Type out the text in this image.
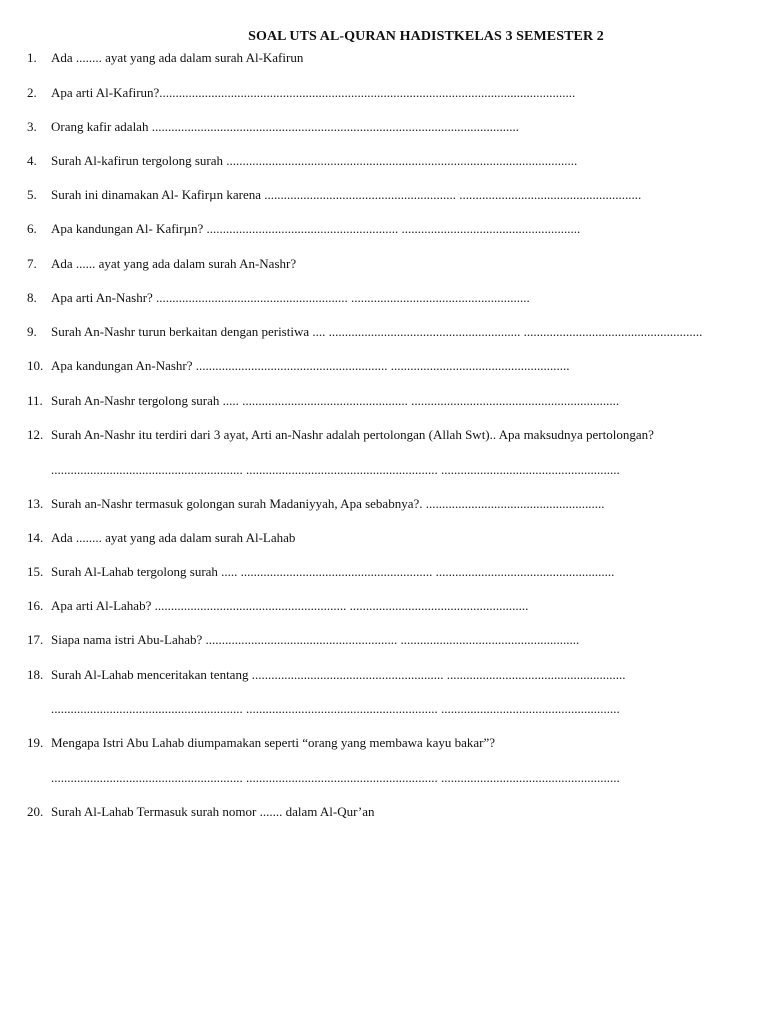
SOAL UTS AL-QURAN HADISTKELAS 3 SEMESTER 2
1.	Ada ........ ayat yang ada dalam surah Al-Kafirun
2.	Apa arti Al-Kafirun?................................................................................................................................
3.	Orang kafir adalah .................................................................................................................
4.	Surah Al-kafirun tergolong surah ............................................................................................................
5.	Surah ini dinamakan Al- Kafirµn karena ........................................................... ........................................................
6.	Apa kandungan Al- Kafirµn? ........................................................... .......................................................
7.	Ada ...... ayat yang ada dalam surah An-Nashr?
8.	Apa arti An-Nashr? ........................................................... .......................................................
9.	Surah An-Nashr turun berkaitan dengan peristiwa .... ........................................................... .......................................................
10. Apa kandungan An-Nashr? ........................................................... .......................................................
11. Surah An-Nashr tergolong surah ..... ................................................... ................................................................
12. Surah An-Nashr itu terdiri dari 3 ayat, Arti an-Nashr adalah pertolongan (Allah Swt).. Apa maksudnya pertolongan?
........................................................... ........................................................... .......................................................
13. Surah an-Nashr termasuk golongan surah Madaniyyah, Apa sebabnya?. .......................................................
14. Ada ........ ayat yang ada dalam surah Al-Lahab
15. Surah Al-Lahab tergolong surah ..... ........................................................... .......................................................
16. Apa arti Al-Lahab? ........................................................... .......................................................
17. Siapa nama istri Abu-Lahab? ........................................................... .......................................................
18. Surah Al-Lahab menceritakan tentang ........................................................... .......................................................
........................................................... ........................................................... .......................................................
19. Mengapa Istri Abu Lahab diumpamakan seperti “orang yang membawa kayu bakar”?
........................................................... ........................................................... .......................................................
20. Surah Al-Lahab Termasuk surah nomor ....... dalam Al-Qur’an
